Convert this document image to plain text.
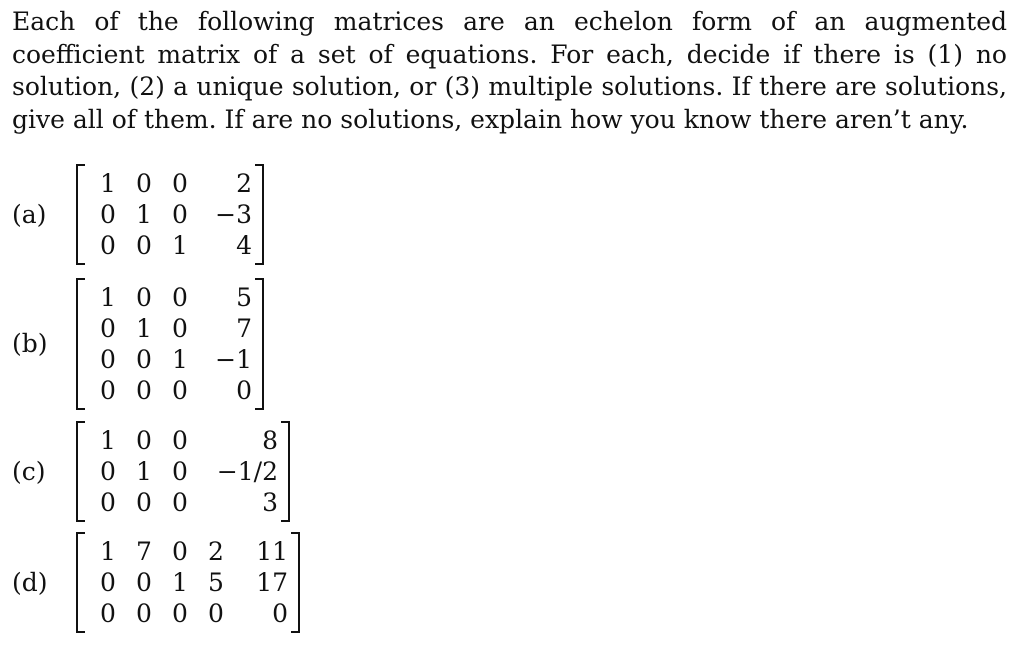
Each of the following matrices are an echelon form of an augmented coefficient matrix of a set of equations. For each, decide if there is (1) no solution, (2) a unique solution, or (3) multiple solutions. If there are solutions, give all of them. If are no solutions, explain how you know there aren’t any.

(a)
1	0	0	2
0	1	0	−3
0	0	1	4
(b)
1	0	0	5
0	1	0	7
0	0	1	−1
0	0	0	0
(c)
1	0	0	8
0	1	0	−1/2
0	0	0	3
(d)
1	7	0	2	11
0	0	1	5	17
0	0	0	0	0
